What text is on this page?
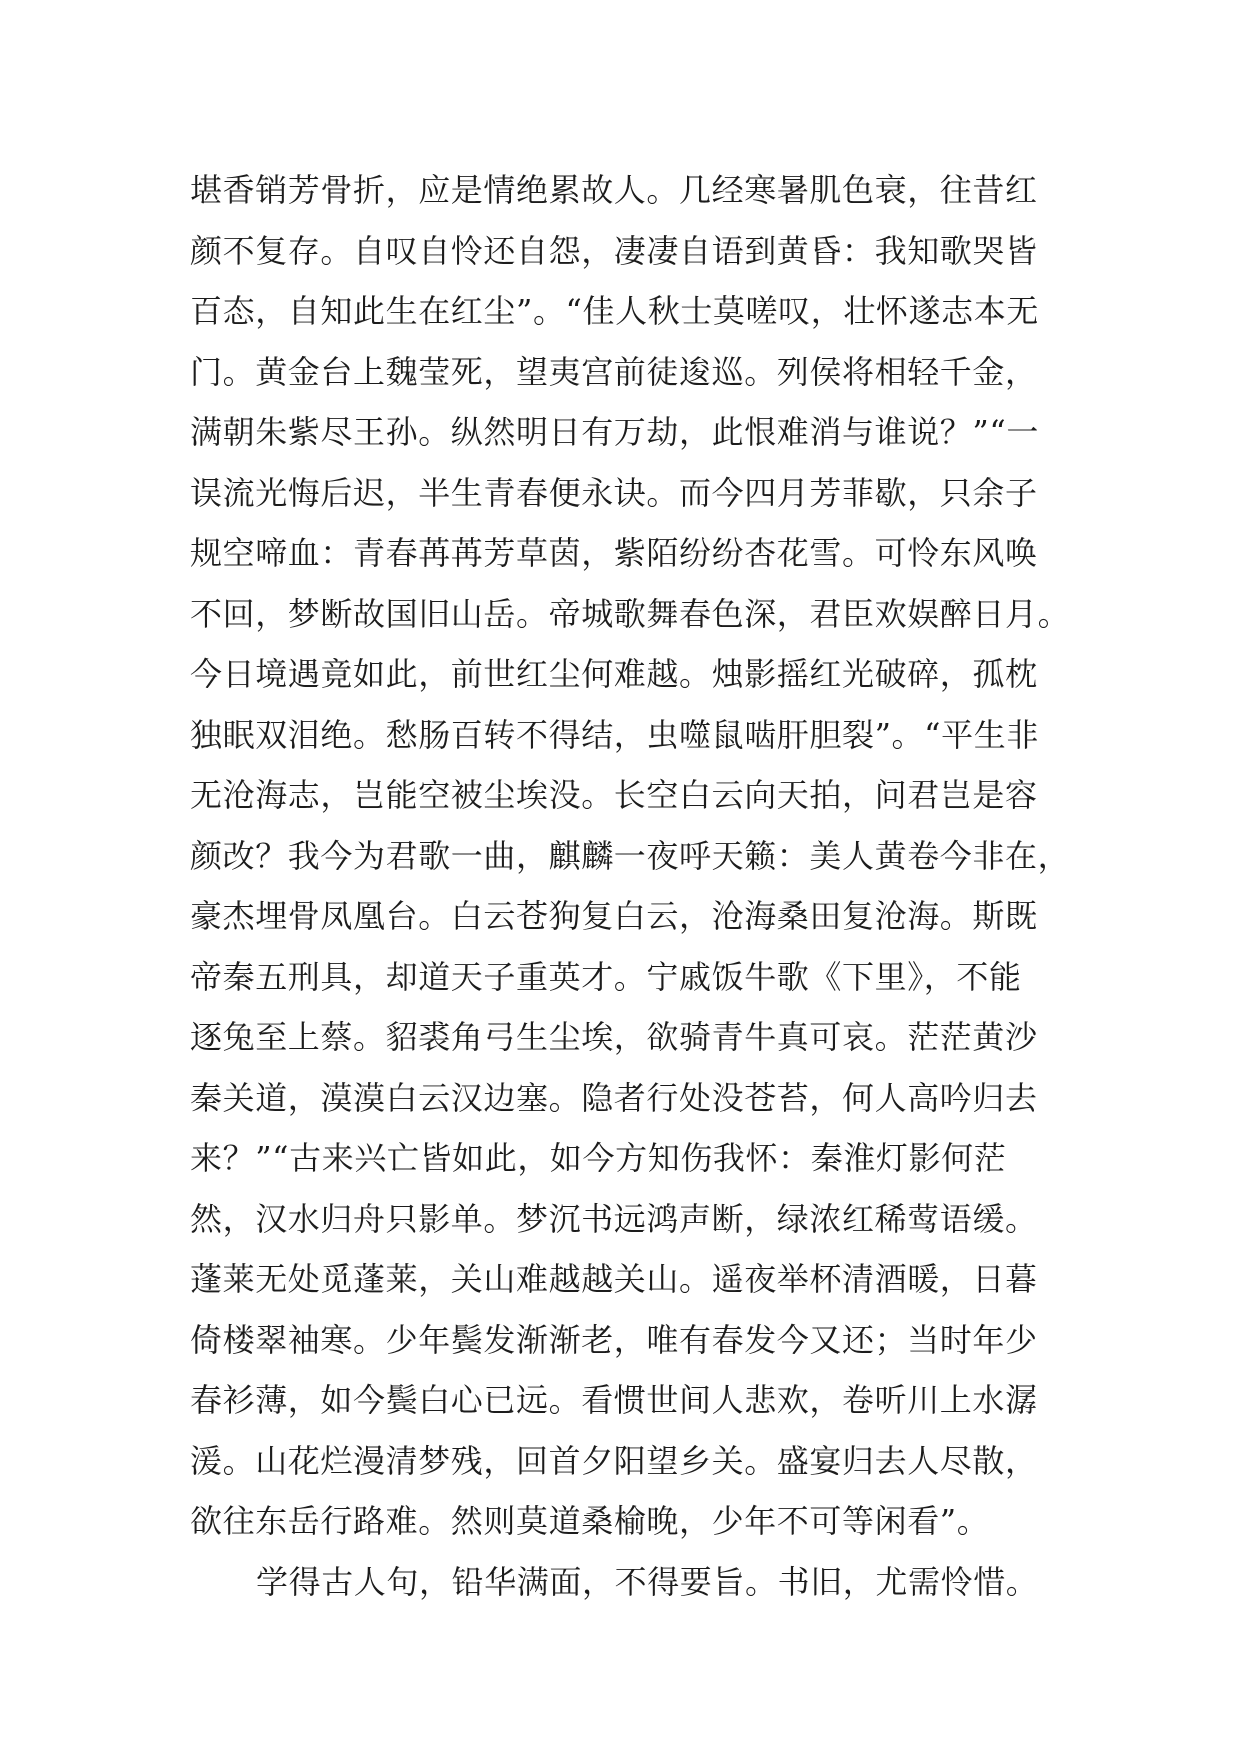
堪香销芳骨折，应是情绝累故人。几经寒暑肌色衰，往昔红
颜不复存。自叹自怜还自怨，凄凄自语到黄昏：我知歌哭皆
百态，自知此生在红尘”。“佳人秋士莫嗟叹，壮怀遂志本无
门。黄金台上魏莹死，望夷宫前徒逡巡。列侯将相轻千金，
满朝朱紫尽王孙。纵然明日有万劫，此恨难消与谁说？”“一
误流光悔后迟，半生青春便永诀。而今四月芳菲歇，只余子
规空啼血：青春苒苒芳草茵，紫陌纷纷杏花雪。可怜东风唤
不回，梦断故国旧山岳。帝城歌舞春色深，君臣欢娱醉日月。
今日境遇竟如此，前世红尘何难越。烛影摇红光破碎，孤枕
独眠双泪绝。愁肠百转不得结，虫噬鼠啮肝胆裂”。“平生非
无沧海志，岂能空被尘埃没。长空白云向天拍，问君岂是容
颜改？我今为君歌一曲，麒麟一夜呼天籁：美人黄卷今非在，
豪杰埋骨凤凰台。白云苍狗复白云，沧海桑田复沧海。斯既
帝秦五刑具，却道天子重英才。宁戚饭牛歌《下里》，不能
逐兔至上蔡。貂裘角弓生尘埃，欲骑青牛真可哀。茫茫黄沙
秦关道，漠漠白云汉边塞。隐者行处没苍苔，何人高吟归去
来？”“古来兴亡皆如此，如今方知伤我怀：秦淮灯影何茫
然，汉水归舟只影单。梦沉书远鸿声断，绿浓红稀莺语缓。
蓬莱无处觅蓬莱，关山难越越关山。遥夜举杯清酒暖，日暮
倚楼翠袖寒。少年鬓发渐渐老，唯有春发今又还；当时年少
春衫薄，如今鬓白心已远。看惯世间人悲欢，卷听川上水潺
湲。山花烂漫清梦残，回首夕阳望乡关。盛宴归去人尽散，
欲往东岳行路难。然则莫道桑榆晚，少年不可等闲看”。
学得古人句，铅华满面，不得要旨。书旧，尤需怜惜。
